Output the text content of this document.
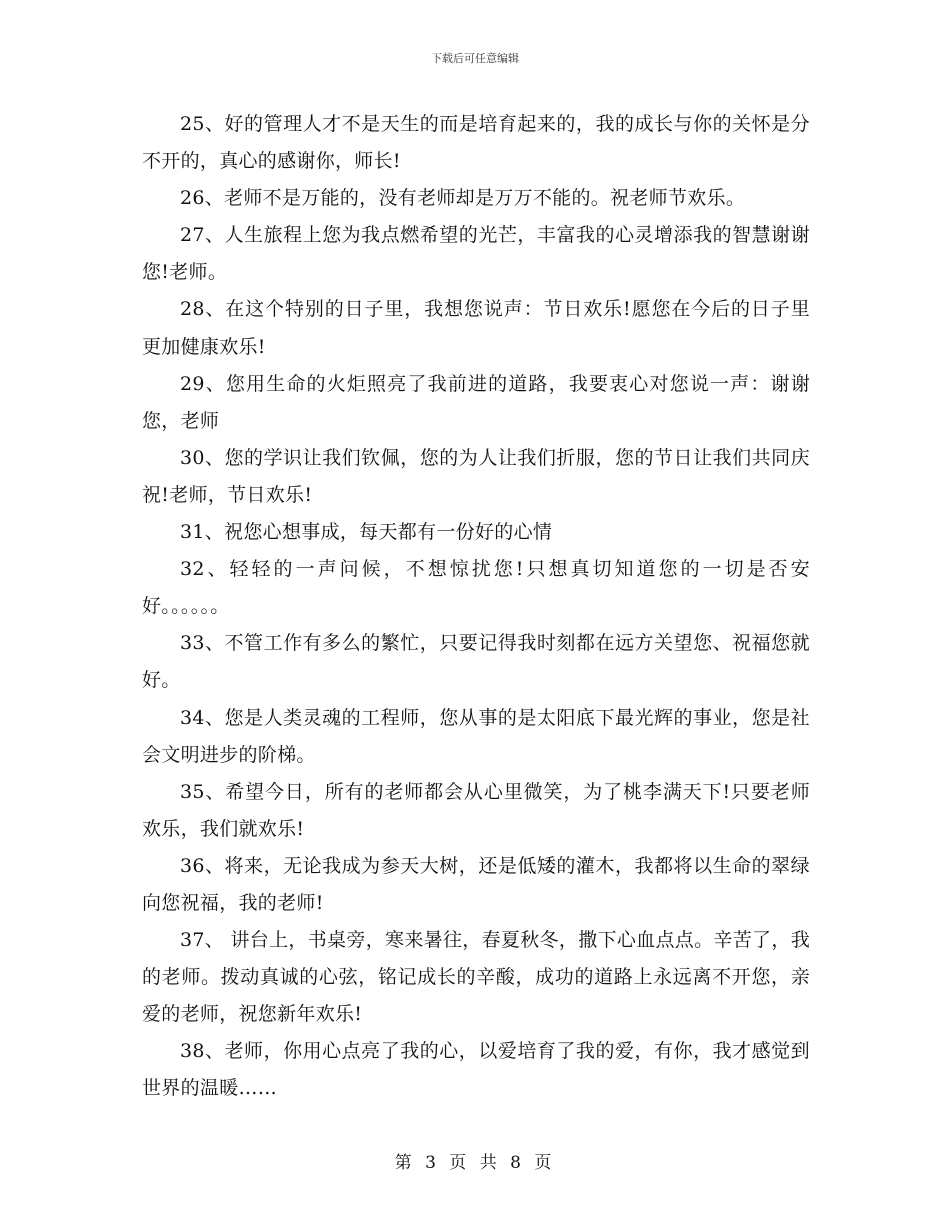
下载后可任意编辑

25、好的管理人才不是天生的而是培育起来的，我的成长与你的关怀是分不开的，真心的感谢你，师长!

26、老师不是万能的，没有老师却是万万不能的。祝老师节欢乐。

27、人生旅程上您为我点燃希望的光芒，丰富我的心灵增添我的智慧谢谢您!老师。

28、在这个特别的日子里，我想您说声：节日欢乐!愿您在今后的日子里更加健康欢乐!

29、您用生命的火炬照亮了我前进的道路，我要衷心对您说一声：谢谢您，老师

30、您的学识让我们钦佩，您的为人让我们折服，您的节日让我们共同庆祝!老师，节日欢乐!

31、祝您心想事成，每天都有一份好的心情

32、轻轻的一声问候，不想惊扰您!只想真切知道您的一切是否安好。。。。。。

33、不管工作有多么的繁忙，只要记得我时刻都在远方关望您、祝福您就好。

34、您是人类灵魂的工程师，您从事的是太阳底下最光辉的事业，您是社会文明进步的阶梯。

35、希望今日，所有的老师都会从心里微笑，为了桃李满天下!只要老师欢乐，我们就欢乐!

36、将来，无论我成为参天大树，还是低矮的灌木，我都将以生命的翠绿向您祝福，我的老师!

37、 讲台上，书桌旁，寒来暑往，春夏秋冬，撒下心血点点。辛苦了，我的老师。拨动真诚的心弦，铭记成长的辛酸，成功的道路上永远离不开您，亲爱的老师，祝您新年欢乐!

38、老师，你用心点亮了我的心，以爱培育了我的爱，有你，我才感觉到世界的温暖……

第 3 页 共 8 页
